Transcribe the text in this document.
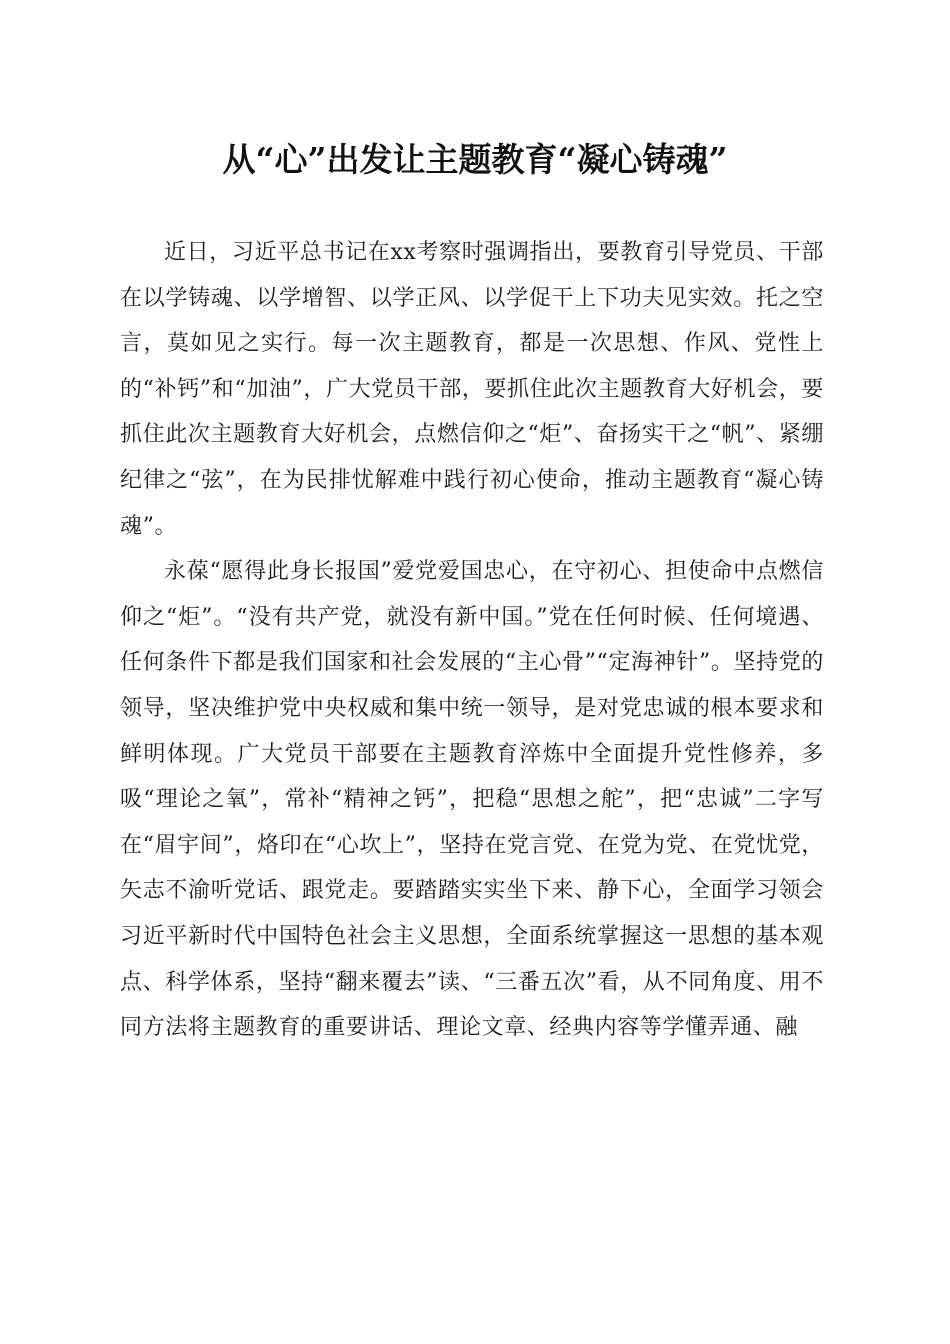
从“心”出发让主题教育“凝心铸魂”

近日，习近平总书记在xx考察时强调指出，要教育引导党员、干部在以学铸魂、以学增智、以学正风、以学促干上下功夫见实效。托之空言，莫如见之实行。每一次主题教育，都是一次思想、作风、党性上的“补钙”和“加油”，广大党员干部，要抓住此次主题教育大好机会，要抓住此次主题教育大好机会，点燃信仰之“炬”、奋扬实干之“帆”、紧绷纪律之“弦”，在为民排忧解难中践行初心使命，推动主题教育“凝心铸魂”。

永葆“愿得此身长报国”爱党爱国忠心，在守初心、担使命中点燃信仰之“炬”。“没有共产党，就没有新中国。”党在任何时候、任何境遇、任何条件下都是我们国家和社会发展的“主心骨”“定海神针”。坚持党的领导，坚决维护党中央权威和集中统一领导，是对党忠诚的根本要求和鲜明体现。广大党员干部要在主题教育淬炼中全面提升党性修养，多吸“理论之氧”，常补“精神之钙”，把稳“思想之舵”，把“忠诚”二字写在“眉宇间”，烙印在“心坎上”，坚持在党言党、在党为党、在党忧党，矢志不渝听党话、跟党走。要踏踏实实坐下来、静下心，全面学习领会习近平新时代中国特色社会主义思想，全面系统掌握这一思想的基本观点、科学体系，坚持“翻来覆去”读、“三番五次”看，从不同角度、用不同方法将主题教育的重要讲话、理论文章、经典内容等学懂弄通、融
